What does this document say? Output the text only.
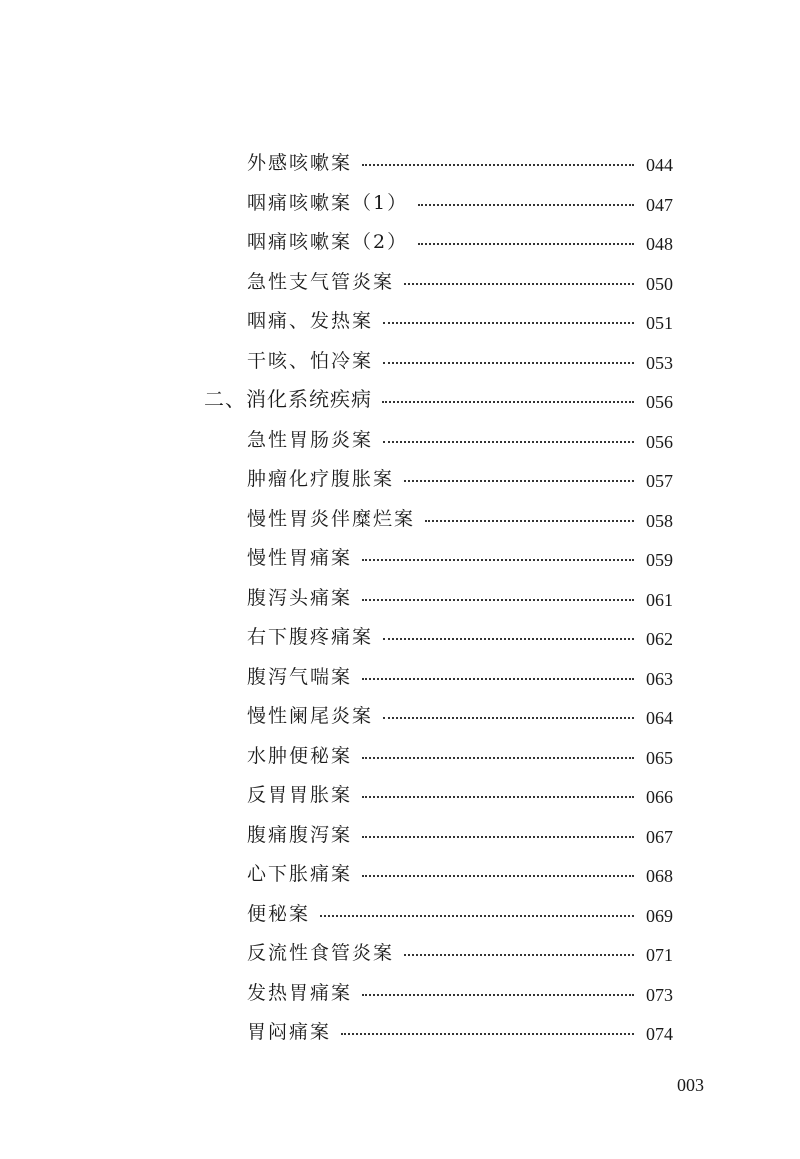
外感咳嗽案	044
咽痛咳嗽案（1）	047
咽痛咳嗽案（2）	048
急性支气管炎案	050
咽痛、发热案	051
干咳、怕冷案	053
二、消化系统疾病	056
急性胃肠炎案	056
肿瘤化疗腹胀案	057
慢性胃炎伴糜烂案	058
慢性胃痛案	059
腹泻头痛案	061
右下腹疼痛案	062
腹泻气喘案	063
慢性阑尾炎案	064
水肿便秘案	065
反胃胃胀案	066
腹痛腹泻案	067
心下胀痛案	068
便秘案	069
反流性食管炎案	071
发热胃痛案	073
胃闷痛案	074
003
